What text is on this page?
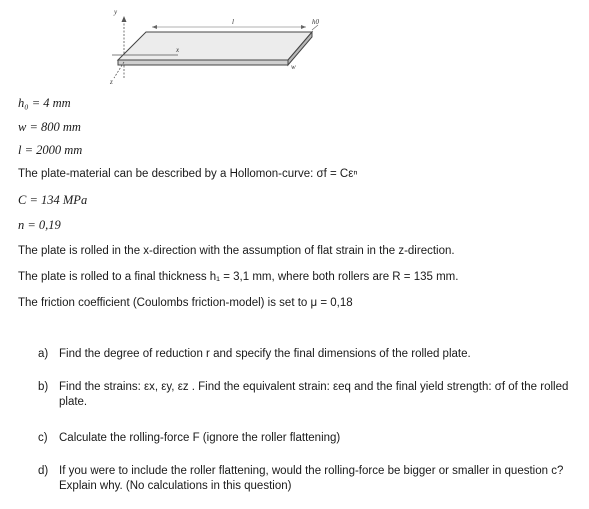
y
x
z
l	h0
w
h₀ = 4 mm
w = 800 mm
l = 2000 mm
The plate-material can be described by a Hollomon-curve: σf = Cεⁿ
C = 134 MPa
n = 0,19
The plate is rolled in the x-direction with the assumption of flat strain in the z-direction.
The plate is rolled to a final thickness h₁ = 3,1 mm, where both rollers are R = 135 mm.
The friction coefficient (Coulombs friction-model) is set to μ = 0,18
a) Find the degree of reduction r and specify the final dimensions of the rolled plate.
b) Find the strains: εx, εy, εz . Find the equivalent strain: εeq and the final yield strength: σf of the rolled plate.
c) Calculate the rolling-force F (ignore the roller flattening)
d) If you were to include the roller flattening, would the rolling-force be bigger or smaller in question c? Explain why. (No calculations in this question)
